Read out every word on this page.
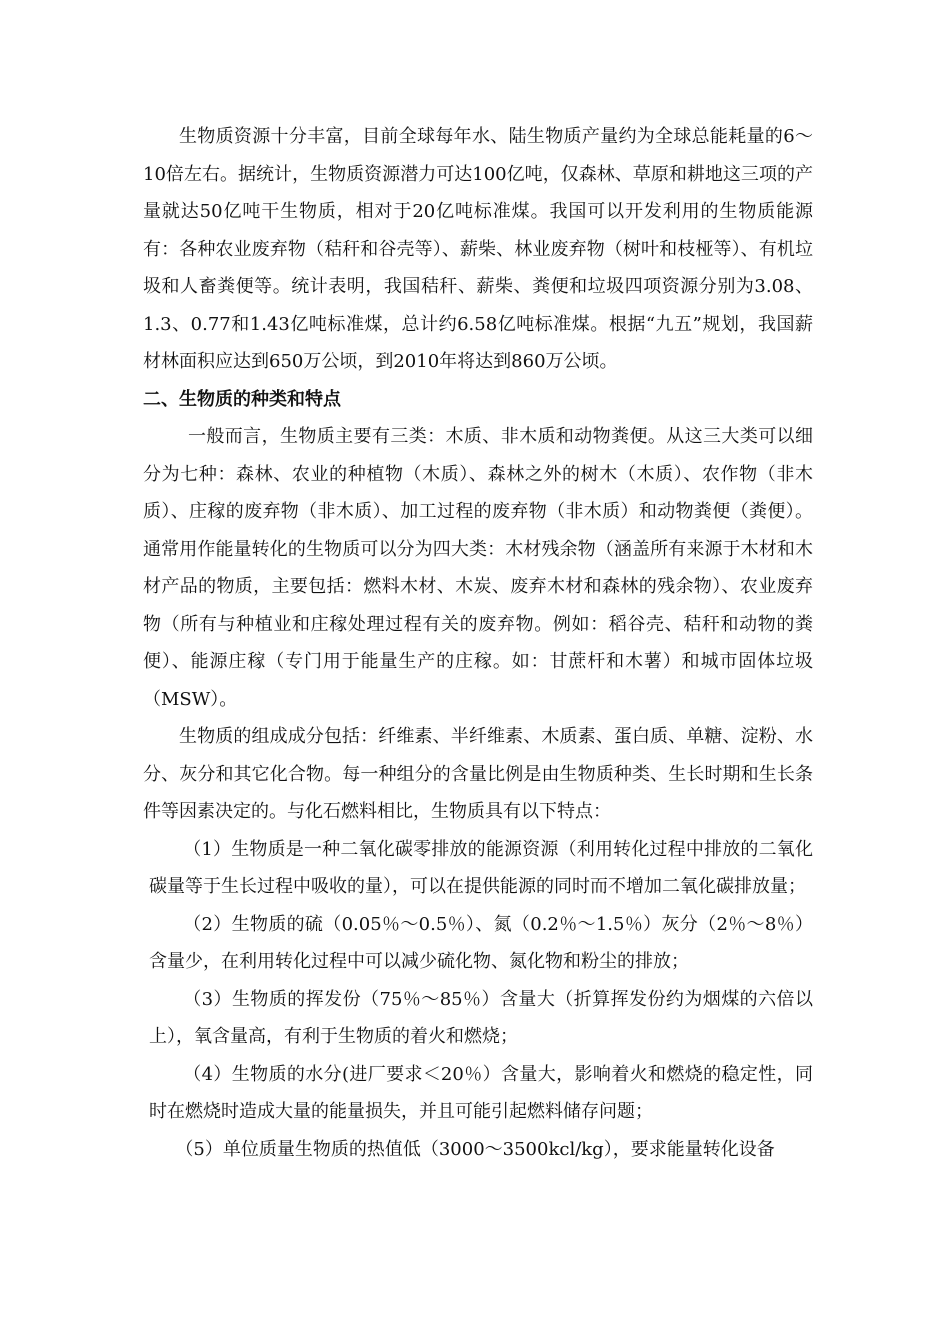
生物质资源十分丰富，目前全球每年水、陆生物质产量约为全球总能耗量的6～10倍左右。据统计，生物质资源潜力可达100亿吨，仅森林、草原和耕地这三项的产量就达50亿吨干生物质，相对于20亿吨标准煤。我国可以开发利用的生物质能源有：各种农业废弃物（秸秆和谷壳等）、薪柴、林业废弃物（树叶和枝桠等）、有机垃圾和人畜粪便等。统计表明，我国秸秆、薪柴、粪便和垃圾四项资源分别为3.08、1.3、0.77和1.43亿吨标准煤，总计约6.58亿吨标准煤。根据“九五”规划，我国薪材林面积应达到650万公顷，到2010年将达到860万公顷。

二、生物质的种类和特点

一般而言，生物质主要有三类：木质、非木质和动物粪便。从这三大类可以细分为七种：森林、农业的种植物（木质）、森林之外的树木（木质）、农作物（非木质）、庄稼的废弃物（非木质）、加工过程的废弃物（非木质）和动物粪便（粪便）。通常用作能量转化的生物质可以分为四大类：木材残余物（涵盖所有来源于木材和木材产品的物质，主要包括：燃料木材、木炭、废弃木材和森林的残余物）、农业废弃物（所有与种植业和庄稼处理过程有关的废弃物。例如：稻谷壳、秸秆和动物的粪便）、能源庄稼（专门用于能量生产的庄稼。如：甘蔗杆和木薯）和城市固体垃圾（MSW）。

生物质的组成成分包括：纤维素、半纤维素、木质素、蛋白质、单糖、淀粉、水分、灰分和其它化合物。每一种组分的含量比例是由生物质种类、生长时期和生长条件等因素决定的。与化石燃料相比，生物质具有以下特点：

（1）生物质是一种二氧化碳零排放的能源资源（利用转化过程中排放的二氧化碳量等于生长过程中吸收的量），可以在提供能源的同时而不增加二氧化碳排放量；

（2）生物质的硫（0.05％～0.5％）、氮（0.2％～1.5％）灰分（2％～8％）含量少，在利用转化过程中可以减少硫化物、氮化物和粉尘的排放；

（3）生物质的挥发份（75％～85％）含量大（折算挥发份约为烟煤的六倍以上），氧含量高，有利于生物质的着火和燃烧；

（4）生物质的水分(进厂要求＜20％）含量大，影响着火和燃烧的稳定性，同时在燃烧时造成大量的能量损失，并且可能引起燃料储存问题；

（5）单位质量生物质的热值低（3000～3500kcl/kg），要求能量转化设备
